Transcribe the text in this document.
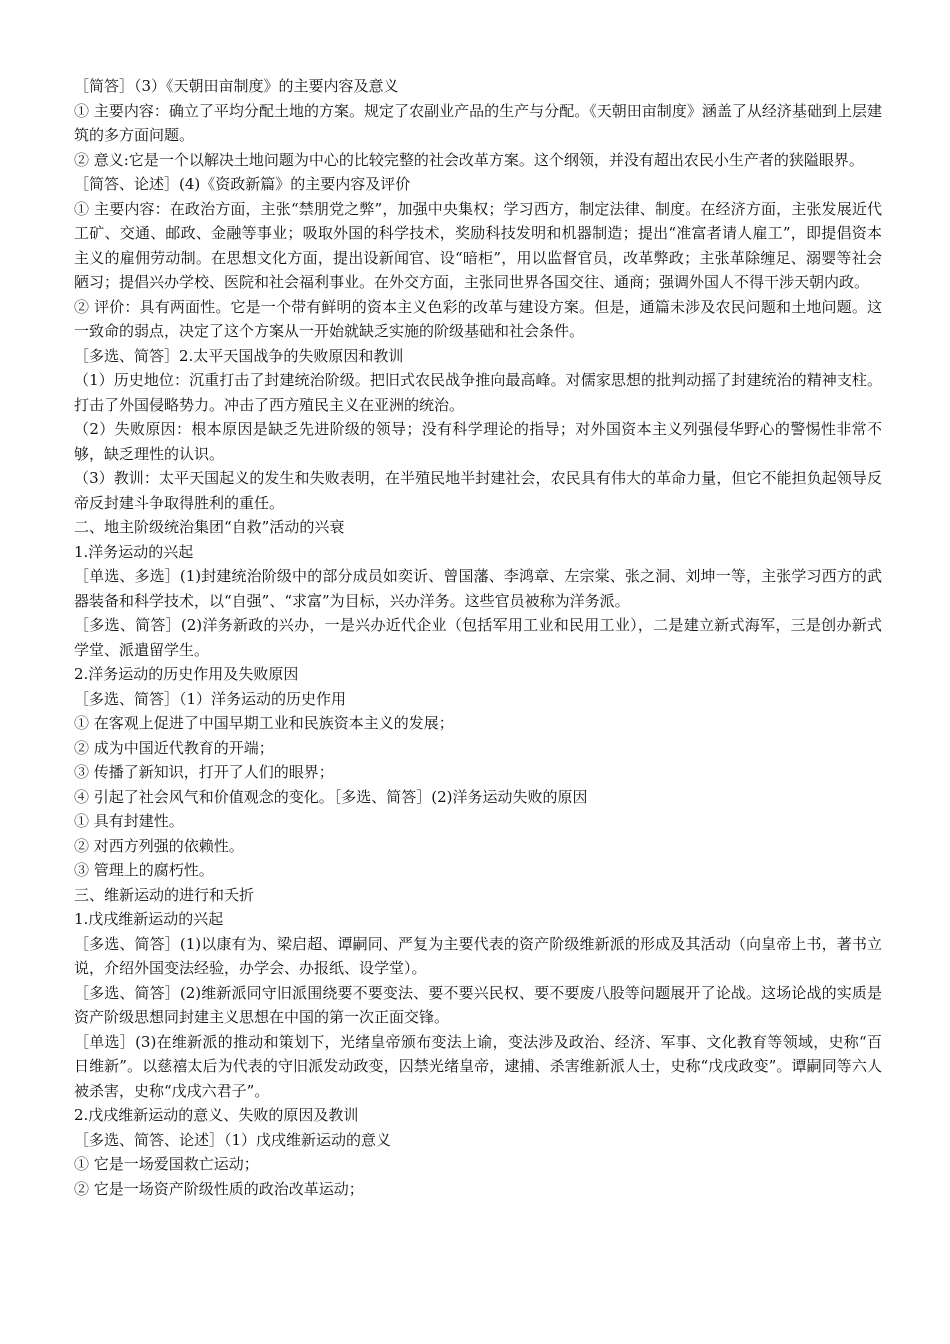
［简答］（3）《天朝田亩制度》的主要内容及意义

① 主要内容：确立了平均分配土地的方案。规定了农副业产品的生产与分配。《天朝田亩制度》涵盖了从经济基础到上层建筑的多方面问题。

② 意义:它是一个以解决土地问题为中心的比较完整的社会改革方案。这个纲领，并没有超出农民小生产者的狭隘眼界。

［简答、论述］(4)《资政新篇》的主要内容及评价

① 主要内容：在政治方面，主张“禁朋党之弊”，加强中央集权；学习西方，制定法律、制度。在经济方面，主张发展近代工矿、交通、邮政、金融等事业；吸取外国的科学技术，奖励科技发明和机器制造；提出“准富者请人雇工”，即提倡资本主义的雇佣劳动制。在思想文化方面，提出设新闻官、设“暗柜”，用以监督官员，改革弊政；主张革除缠足、溺婴等社会陋习；提倡兴办学校、医院和社会福利事业。在外交方面，主张同世界各国交往、通商；强调外国人不得干涉天朝内政。

② 评价：具有两面性。它是一个带有鲜明的资本主义色彩的改革与建设方案。但是，通篇未涉及农民问题和土地问题。这一致命的弱点，决定了这个方案从一开始就缺乏实施的阶级基础和社会条件。

［多选、简答］2.太平天国战争的失败原因和教训

（1）历史地位：沉重打击了封建统治阶级。把旧式农民战争推向最高峰。对儒家思想的批判动摇了封建统治的精神支柱。打击了外国侵略势力。冲击了西方殖民主义在亚洲的统治。

（2）失败原因：根本原因是缺乏先进阶级的领导；没有科学理论的指导；对外国资本主义列强侵华野心的警惕性非常不够，缺乏理性的认识。

（3）教训：太平天国起义的发生和失败表明，在半殖民地半封建社会，农民具有伟大的革命力量，但它不能担负起领导反帝反封建斗争取得胜利的重任。

二、地主阶级统治集团“自救”活动的兴衰

1.洋务运动的兴起

［单选、多选］(1)封建统治阶级中的部分成员如奕䜣、曾国藩、李鸿章、左宗棠、张之洞、刘坤一等，主张学习西方的武器装备和科学技术，以“自强”、“求富”为目标，兴办洋务。这些官员被称为洋务派。

［多选、简答］(2)洋务新政的兴办，一是兴办近代企业（包括军用工业和民用工业），二是建立新式海军，三是创办新式学堂、派遣留学生。

2.洋务运动的历史作用及失败原因

［多选、简答］（1）洋务运动的历史作用

① 在客观上促进了中国早期工业和民族资本主义的发展；

② 成为中国近代教育的开端；

③ 传播了新知识，打开了人们的眼界；

④ 引起了社会风气和价值观念的变化。［多选、简答］(2)洋务运动失败的原因

① 具有封建性。

② 对西方列强的依赖性。

③ 管理上的腐朽性。

三、维新运动的进行和夭折

1.戊戌维新运动的兴起

［多选、简答］(1)以康有为、梁启超、谭嗣同、严复为主要代表的资产阶级维新派的形成及其活动（向皇帝上书，著书立说，介绍外国变法经验，办学会、办报纸、设学堂）。

［多选、简答］(2)维新派同守旧派围绕要不要变法、要不要兴民权、要不要废八股等问题展开了论战。这场论战的实质是资产阶级思想同封建主义思想在中国的第一次正面交锋。

［单选］(3)在维新派的推动和策划下，光绪皇帝颁布变法上谕，变法涉及政治、经济、军事、文化教育等领域，史称“百日维新”。以慈禧太后为代表的守旧派发动政变，囚禁光绪皇帝，逮捕、杀害维新派人士，史称“戊戌政变”。谭嗣同等六人被杀害，史称“戊戌六君子”。

2.戊戌维新运动的意义、失败的原因及教训

［多选、简答、论述］（1）戊戌维新运动的意义

① 它是一场爱国救亡运动；

② 它是一场资产阶级性质的政治改革运动；
